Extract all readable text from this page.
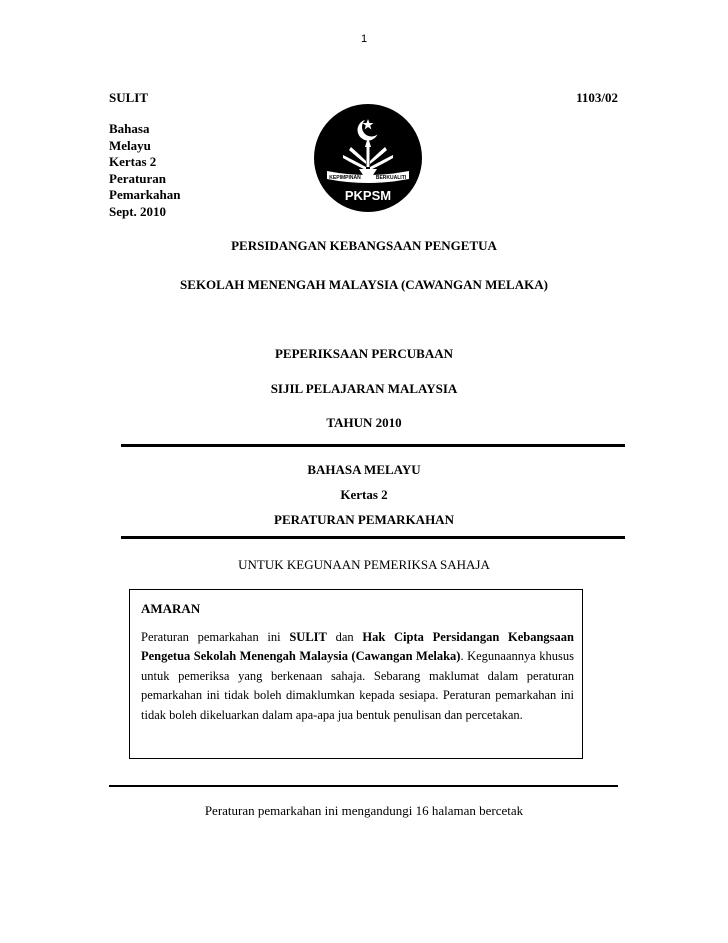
1
SULIT	1103/02
Bahasa
Melayu
Kertas 2
Peraturan
Pemarkahan
Sept. 2010
KEPIMPINAN	BERKUALITI
PKPSM
PERSIDANGAN KEBANGSAAN PENGETUA
SEKOLAH MENENGAH MALAYSIA (CAWANGAN MELAKA)
PEPERIKSAAN PERCUBAAN
SIJIL PELAJARAN MALAYSIA
TAHUN 2010
BAHASA MELAYU
Kertas 2
PERATURAN PEMARKAHAN
UNTUK KEGUNAAN PEMERIKSA SAHAJA
AMARAN
Peraturan pemarkahan ini SULIT dan Hak Cipta Persidangan Kebangsaan Pengetua Sekolah Menengah Malaysia (Cawangan Melaka). Kegunaannya khusus untuk pemeriksa yang berkenaan sahaja. Sebarang maklumat dalam peraturan pemarkahan ini tidak boleh dimaklumkan kepada sesiapa. Peraturan pemarkahan ini tidak boleh dikeluarkan dalam apa-apa jua bentuk penulisan dan percetakan.
Peraturan pemarkahan ini mengandungi 16 halaman bercetak
